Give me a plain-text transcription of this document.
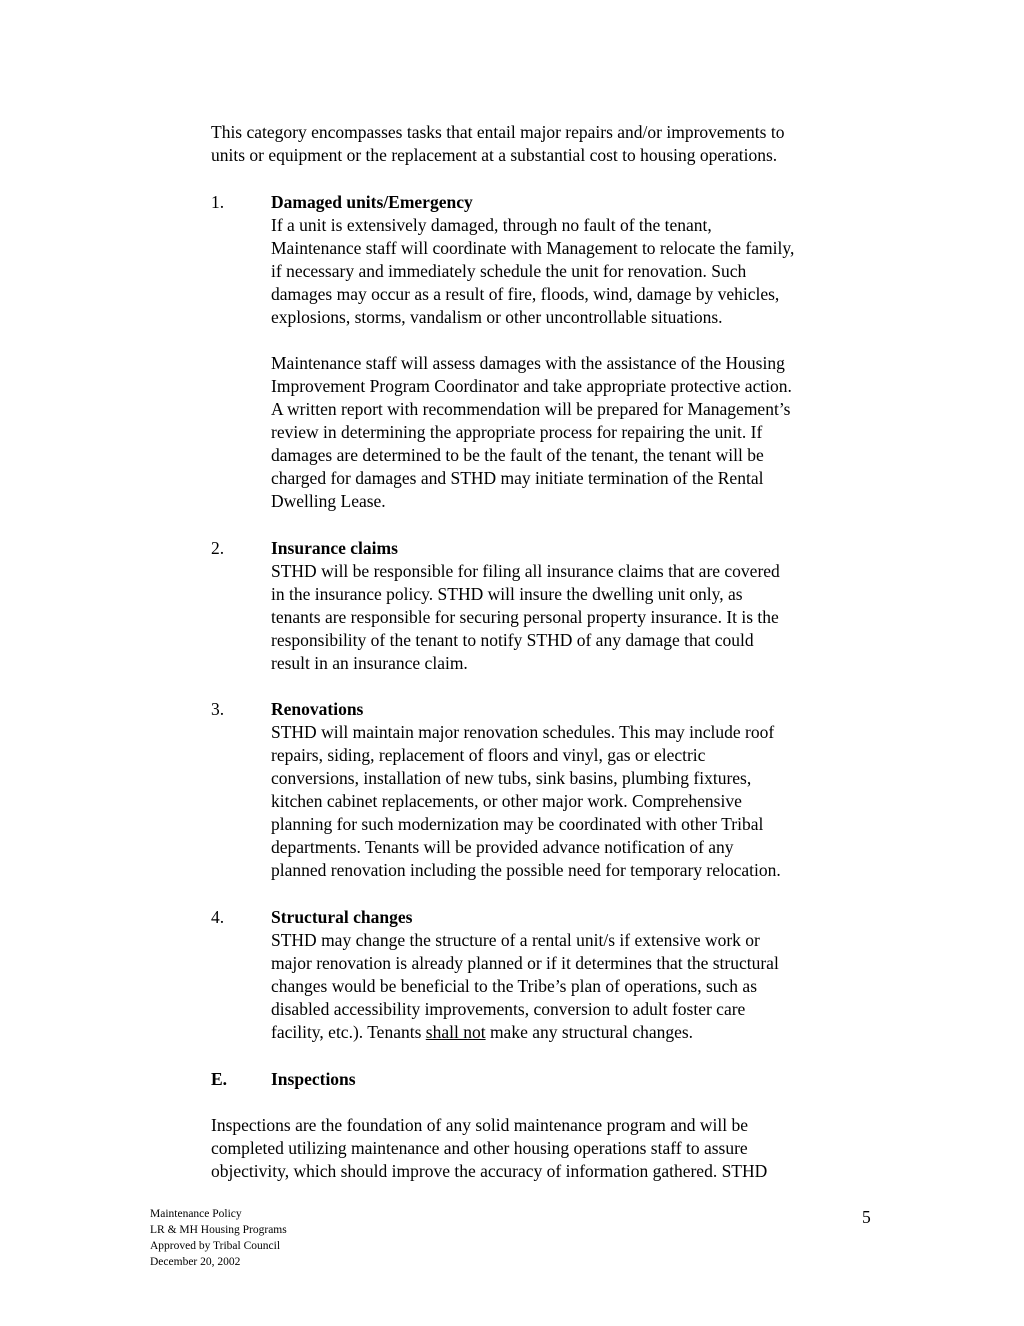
This category encompasses tasks that entail major repairs and/or improvements to
units or equipment or the replacement at a substantial cost to housing operations.
1.	Damaged units/Emergency
If a unit is extensively damaged, through no fault of the tenant,
Maintenance staff will coordinate with Management to relocate the family,
if necessary and immediately schedule the unit for renovation. Such
damages may occur as a result of fire, floods, wind, damage by vehicles,
explosions, storms, vandalism or other uncontrollable situations.
Maintenance staff will assess damages with the assistance of the Housing
Improvement Program Coordinator and take appropriate protective action.
A written report with recommendation will be prepared for Management’s
review in determining the appropriate process for repairing the unit. If
damages are determined to be the fault of the tenant, the tenant will be
charged for damages and STHD may initiate termination of the Rental
Dwelling Lease.
2.	Insurance claims
STHD will be responsible for filing all insurance claims that are covered
in the insurance policy. STHD will insure the dwelling unit only, as
tenants are responsible for securing personal property insurance. It is the
responsibility of the tenant to notify STHD of any damage that could
result in an insurance claim.
3.	Renovations
STHD will maintain major renovation schedules. This may include roof
repairs, siding, replacement of floors and vinyl, gas or electric
conversions, installation of new tubs, sink basins, plumbing fixtures,
kitchen cabinet replacements, or other major work. Comprehensive
planning for such modernization may be coordinated with other Tribal
departments. Tenants will be provided advance notification of any
planned renovation including the possible need for temporary relocation.
4.	Structural changes
STHD may change the structure of a rental unit/s if extensive work or
major renovation is already planned or if it determines that the structural
changes would be beneficial to the Tribe’s plan of operations, such as
disabled accessibility improvements, conversion to adult foster care
facility, etc.). Tenants shall not make any structural changes.
E.	Inspections
Inspections are the foundation of any solid maintenance program and will be
completed utilizing maintenance and other housing operations staff to assure
objectivity, which should improve the accuracy of information gathered. STHD
Maintenance Policy
LR & MH Housing Programs
Approved by Tribal Council
December 20, 2002
5
